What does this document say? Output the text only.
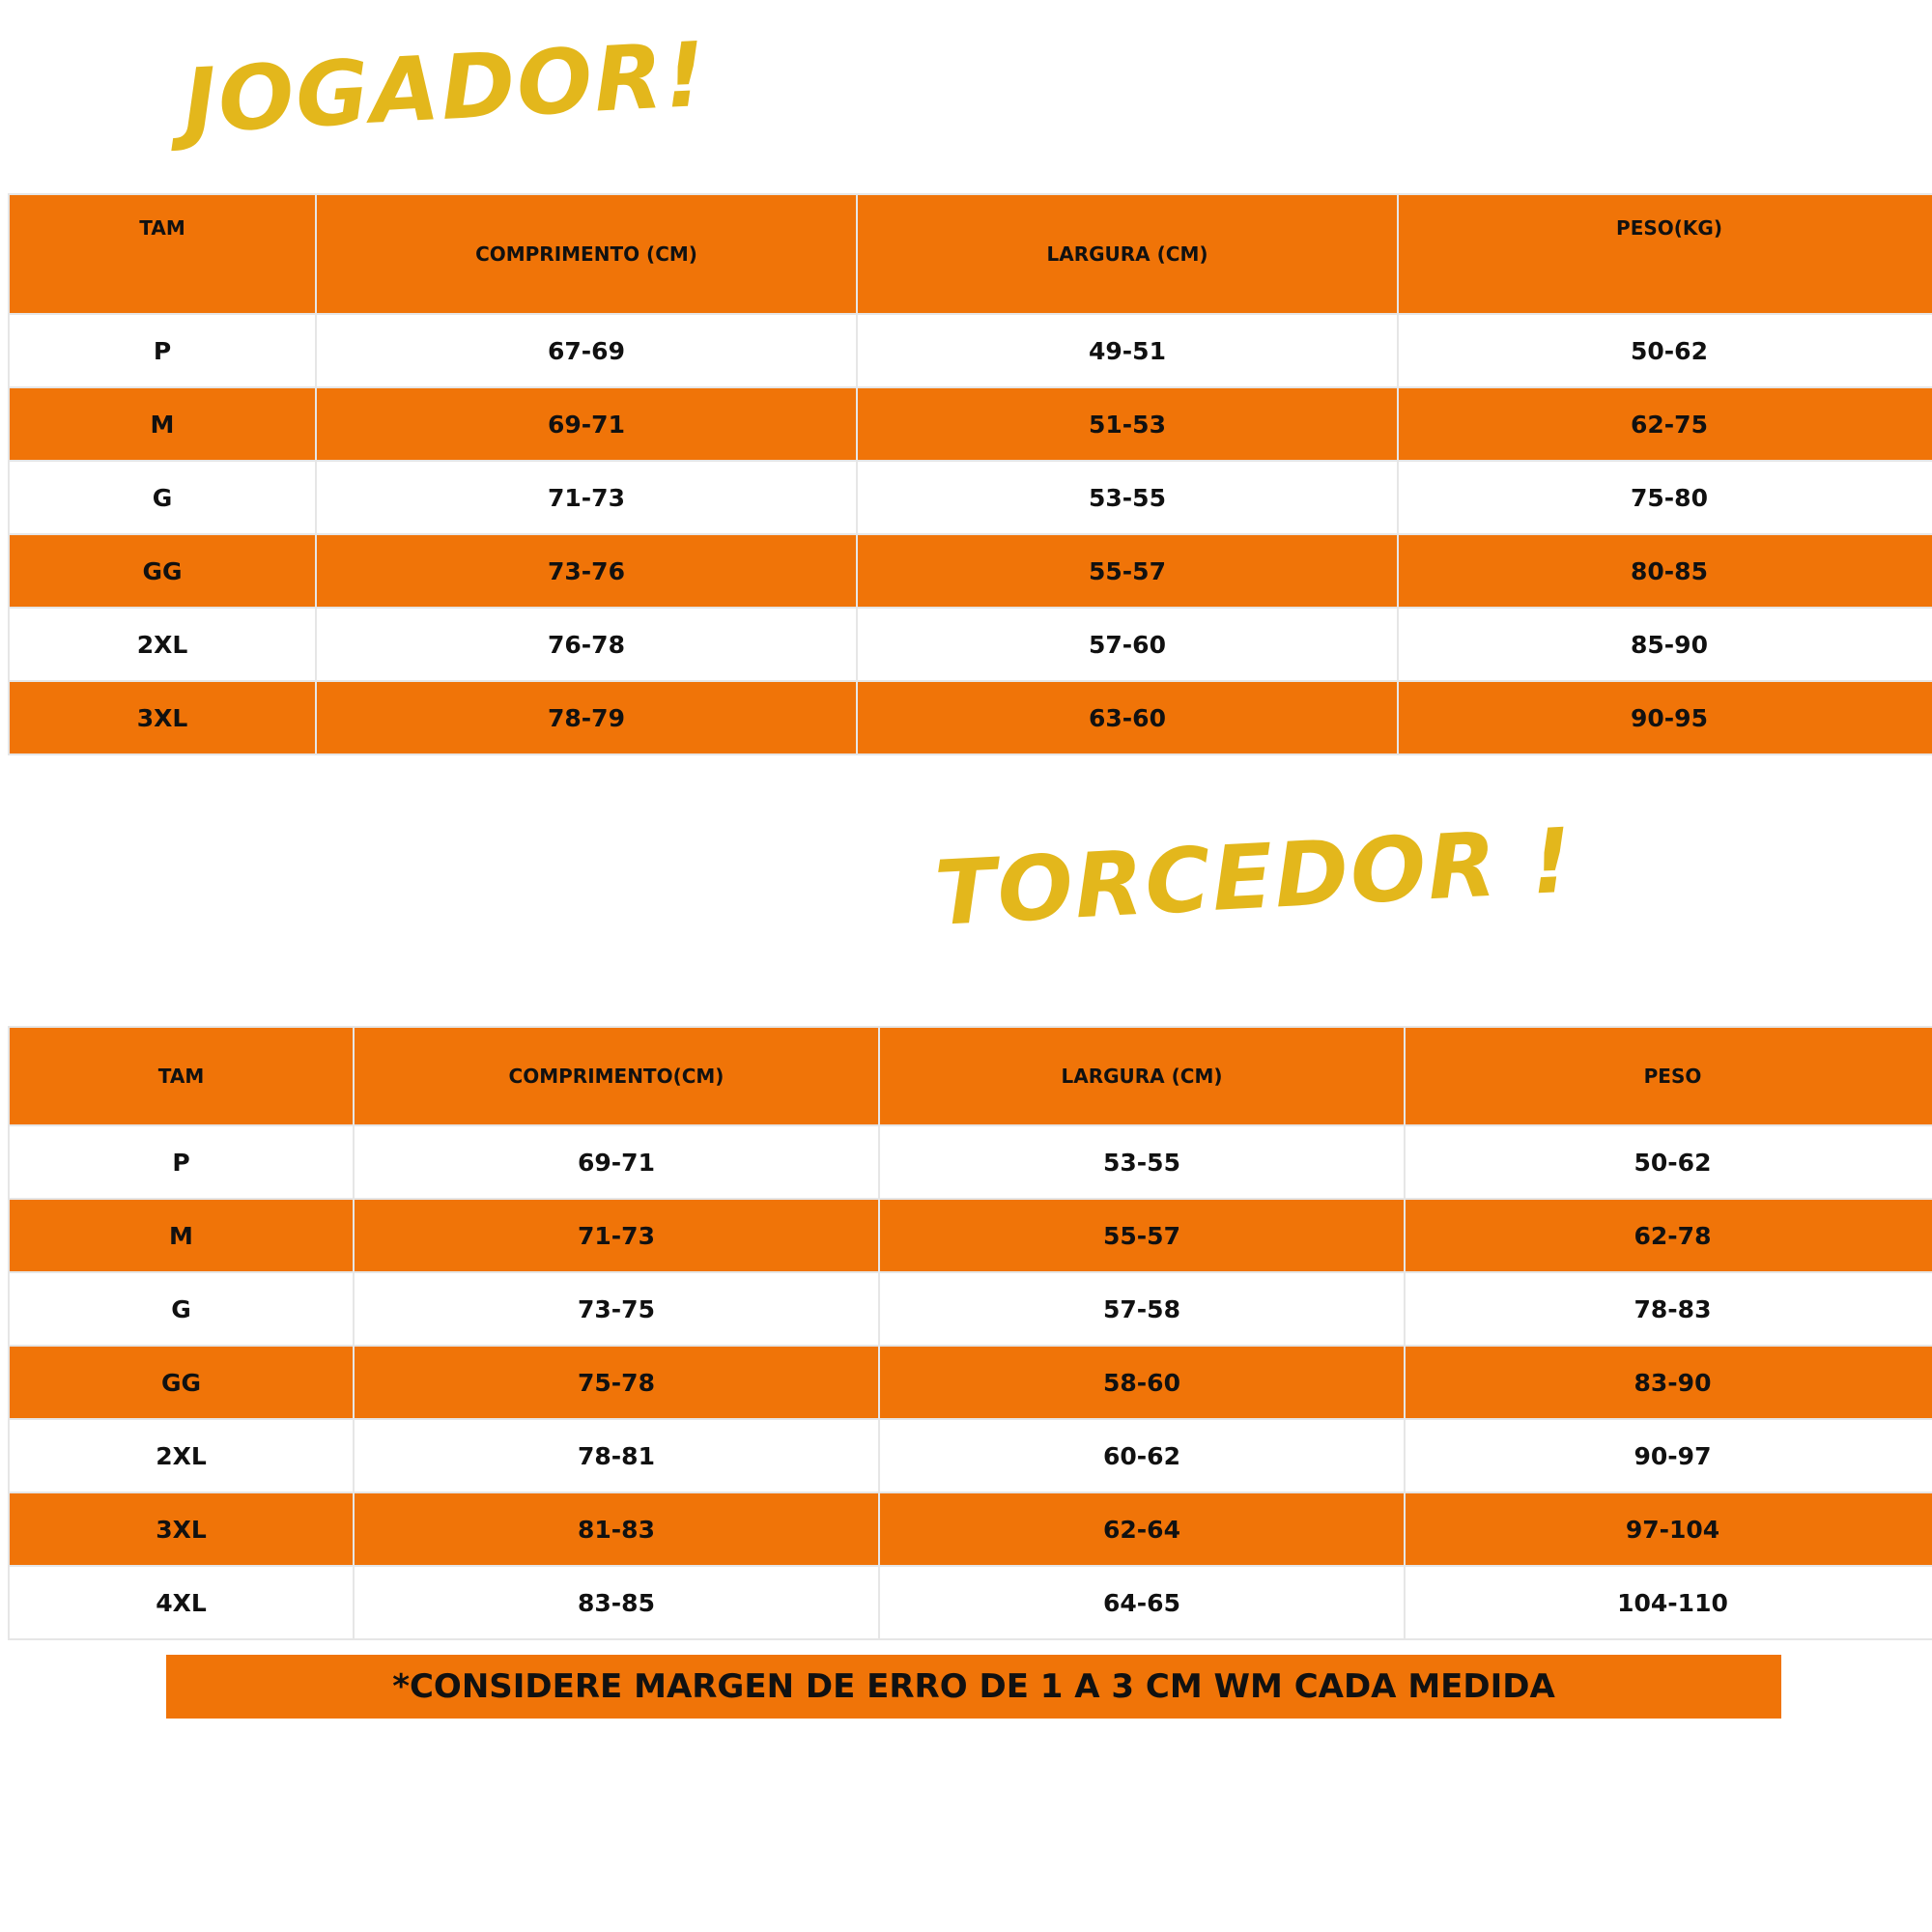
JOGADOR!
TAM	COMPRIMENTO (CM)	LARGURA (CM)	PESO(KG)
P	67-69	49-51	50-62
M	69-71	51-53	62-75
G	71-73	53-55	75-80
GG	73-76	55-57	80-85
2XL	76-78	57-60	85-90
3XL	78-79	63-60	90-95
TORCEDOR !
TAM	COMPRIMENTO(CM)	LARGURA (CM)	PESO
P	69-71	53-55	50-62
M	71-73	55-57	62-78
G	73-75	57-58	78-83
GG	75-78	58-60	83-90
2XL	78-81	60-62	90-97
3XL	81-83	62-64	97-104
4XL	83-85	64-65	104-110
*CONSIDERE MARGEN DE ERRO DE 1 A 3 CM WM CADA MEDIDA
